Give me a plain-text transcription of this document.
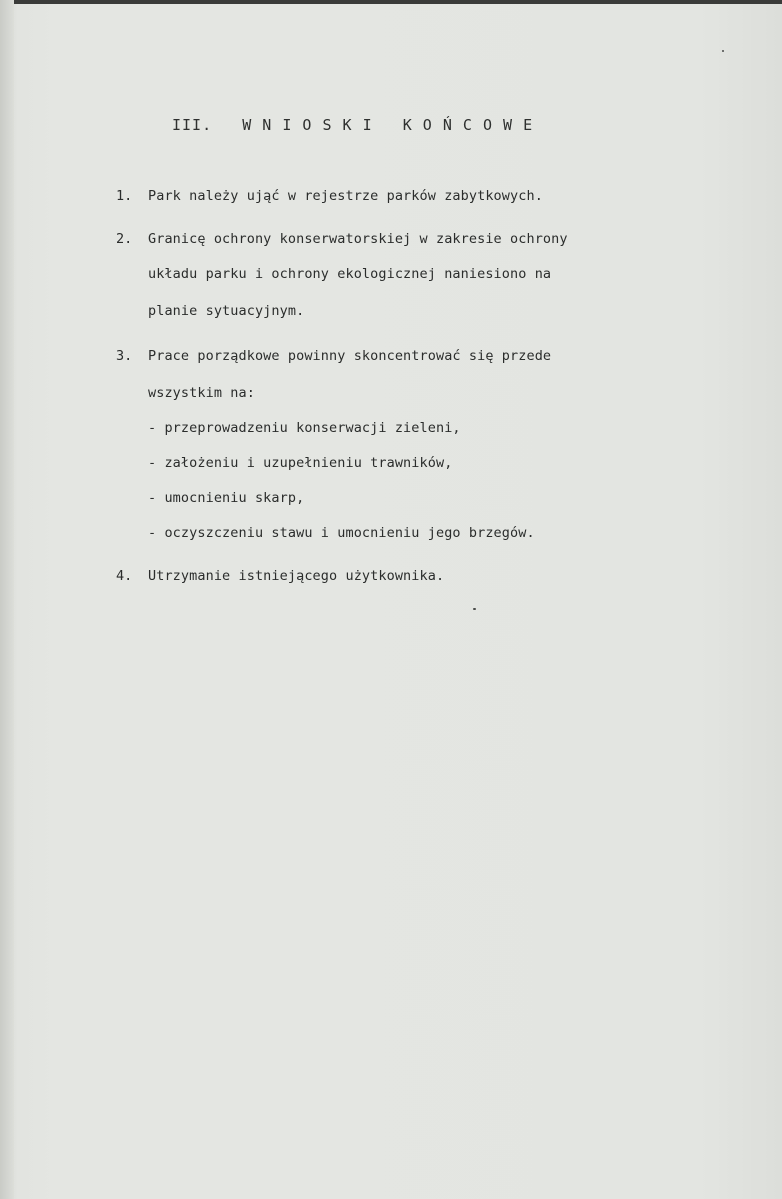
III.   W N I O S K I   K O Ń C O W E
1. Park należy ująć w rejestrze parków zabytkowych.
2. Granicę ochrony konserwatorskiej w zakresie ochrony
układu parku i ochrony ekologicznej naniesiono na
planie sytuacyjnym.
3. Prace porządkowe powinny skoncentrować się przede
wszystkim na:
- przeprowadzeniu konserwacji zieleni,
- założeniu i uzupełnieniu trawników,
- umocnieniu skarp,
- oczyszczeniu stawu i umocnieniu jego brzegów.
4. Utrzymanie istniejącego użytkownika.
